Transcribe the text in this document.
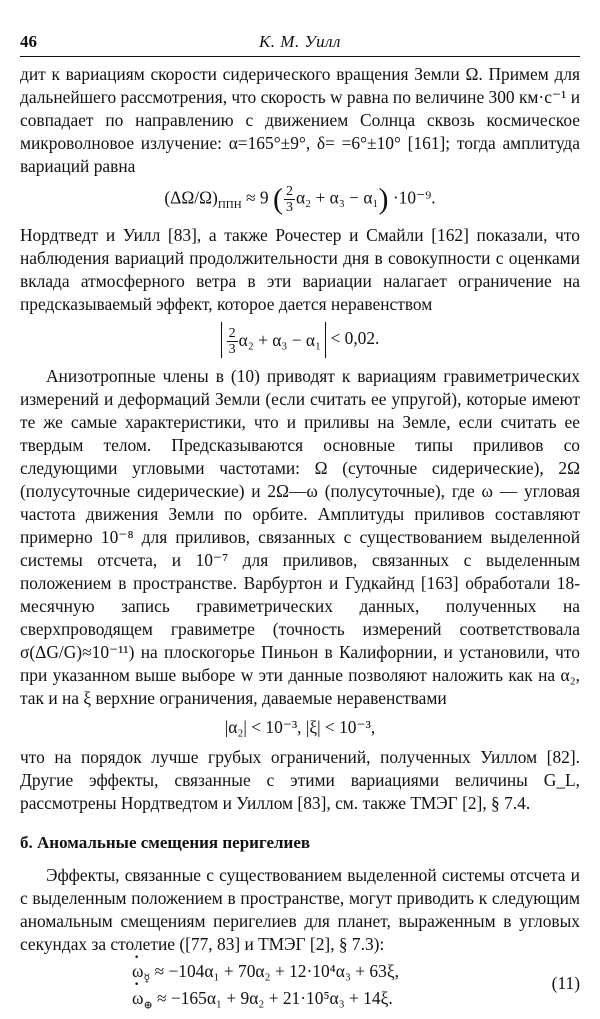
46	К. М. Уилл

дит к вариациям скорости сидерического вращения Земли Ω. Примем для дальнейшего рассмотрения, что скорость w равна по величине 300 км·с⁻¹ и совпадает по направлению с движением Солнца сквозь космическое микроволновое излучение: α=165°±9°, δ= =6°±10° [161]; тогда амплитуда вариаций равна

$(\Delta\Omega/\Omega)_{ППН} \approx 9$ ( $\frac{2}{3} \alpha_2 + \alpha_3 - \alpha_1) \cdot 10^{-9}$.

Нордтведт и Уилл [83], а также Рочестер и Смайли [162] показали, что наблюдения вариаций продолжительности дня в совокупности с оценками вклада атмосферного ветра в эти вариации налагает ограничение на предсказываемый эффект, которое дается неравенством

$\frac{2}{3} \alpha_2 + \alpha_3 - \alpha_1 < 0,02$.

Анизотропные члены в (10) приводят к вариациям гравиметрических измерений и деформаций Земли (если считать ее упругой), которые имеют те же самые характеристики, что и приливы на Земле, если считать ее твердым телом. Предсказываются основные типы приливов со следующими угловыми частотами: Ω (суточные сидерические), 2Ω (полусуточные сидерические) и 2Ω—ω (полусуточные), где ω — угловая частота движения Земли по орбите. Амплитуды приливов составляют примерно 10⁻⁸ для приливов, связанных с существованием выделенной системы отсчета, и 10⁻⁷ для приливов, связанных с выделенным положением в пространстве. Варбуртон и Гудкайнд [163] обработали 18-месячную запись гравиметрических данных, полученных на сверхпроводящем гравиметре (точность измерений соответствовала σ(ΔG/G)≈10⁻¹¹) на плоскогорье Пиньон в Калифорнии, и установили, что при указанном выше выборе w эти данные позволяют наложить как на α₂, так и на ξ верхние ограничения, даваемые неравенствами

|α₂| < 10⁻³, |ξ| < 10⁻³,

что на порядок лучше грубых ограничений, полученных Уиллом [82]. Другие эффекты, связанные с этими вариациями величины G_L, рассмотрены Нордтведтом и Уиллом [83], см. также ТМЭГ [2], § 7.4.

б. Аномальные смещения перигелиев

Эффекты, связанные с существованием выделенной системы отсчета и с выделенным положением в пространстве, могут приводить к следующим аномальным смещениям перигелиев для планет, выраженным в угловых секундах за столетие ([77, 83] и ТМЭГ [2], § 7.3):

· $\omega_☿ \approx -104\alpha_1 + 70\alpha_2 + 12\cdot 10^4\alpha_3 + 63\xi$,
· $\omega_\oplus \approx -165\alpha_1 + 9\alpha_2 + 21\cdot 10^5\alpha_3 + 14\xi$.
(11)
